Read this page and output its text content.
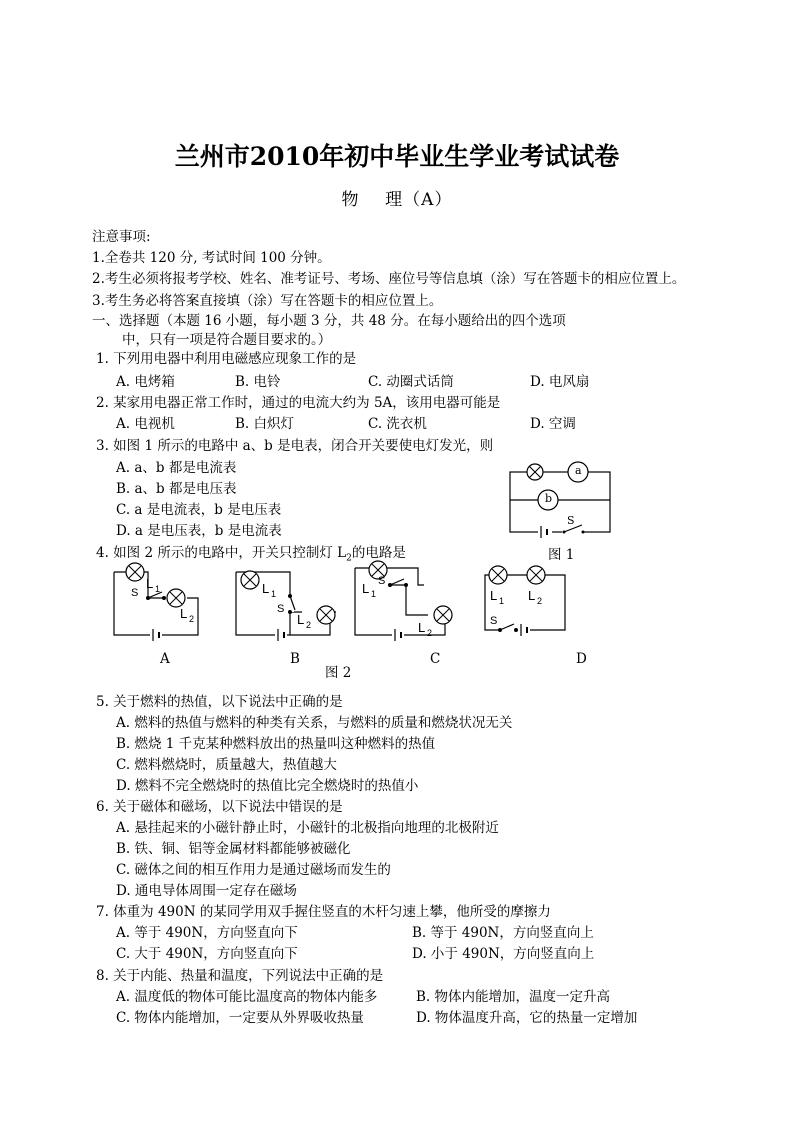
兰州市2010年初中毕业生学业考试试卷
物    理（A）
注意事项:
1.全卷共 120 分, 考试时间 100 分钟。
2.考生必须将报考学校、姓名、准考证号、考场、座位号等信息填（涂）写在答题卡的相应位置上。
3.考生务必将答案直接填（涂）写在答题卡的相应位置上。
一、选择题（本题 16 小题，每小题 3 分，共 48 分。在每小题给出的四个选项
中，只有一项是符合题目要求的。）
1. 下列用电器中利用电磁感应现象工作的是
A. 电烤箱	B. 电铃	C. 动圈式话筒	D. 电风扇
2. 某家用电器正常工作时，通过的电流大约为 5A，该用电器可能是
A. 电视机	B. 白炽灯	C. 洗衣机	D. 空调
3. 如图 1 所示的电路中 a、b 是电表，闭合开关要使电灯发光，则
A. a、b 都是电流表
B. a、b 都是电压表
C. a 是电流表，b 是电压表
D. a 是电压表，b 是电流表
a
b
S
图 1
4. 如图 2 所示的电路中，开关只控制灯 $L_2$的电路是
L 1
L 2
L 1
L 2
L 1
L 2
L 1 L 2
S
S
S
S
A	B	C	D
图 2
5. 关于燃料的热值，以下说法中正确的是
A. 燃料的热值与燃料的种类有关系，与燃料的质量和燃烧状况无关
B. 燃烧 1 千克某种燃料放出的热量叫这种燃料的热值
C. 燃料燃烧时，质量越大，热值越大
D. 燃料不完全燃烧时的热值比完全燃烧时的热值小
6. 关于磁体和磁场，以下说法中错误的是
A. 悬挂起来的小磁针静止时，小磁针的北极指向地理的北极附近
B. 铁、铜、铝等金属材料都能够被磁化
C. 磁体之间的相互作用力是通过磁场而发生的
D. 通电导体周围一定存在磁场
7. 体重为 490N 的某同学用双手握住竖直的木杆匀速上攀，他所受的摩擦力
A. 等于 490N，方向竖直向下	B. 等于 490N，方向竖直向上
C. 大于 490N，方向竖直向下	D. 小于 490N，方向竖直向上
8. 关于内能、热量和温度，下列说法中正确的是
A. 温度低的物体可能比温度高的物体内能多	B. 物体内能增加，温度一定升高
C. 物体内能增加，一定要从外界吸收热量	D. 物体温度升高，它的热量一定增加
